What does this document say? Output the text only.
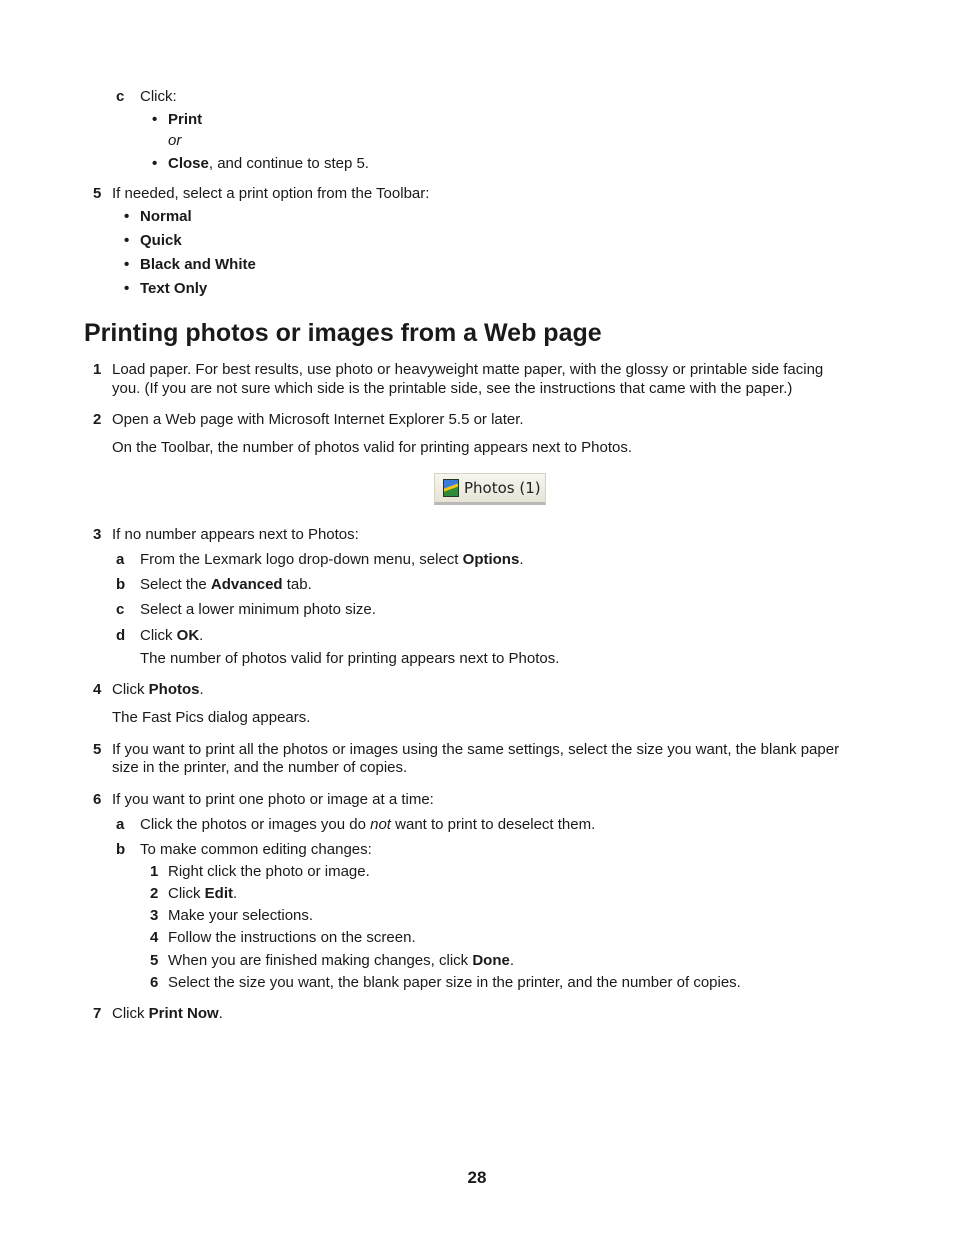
c Click:
• Print
or
• Close, and continue to step 5.
5 If needed, select a print option from the Toolbar:
• Normal
• Quick
• Black and White
• Text Only
Printing photos or images from a Web page
1 Load paper. For best results, use photo or heavyweight matte paper, with the glossy or printable side facing
you. (If you are not sure which side is the printable side, see the instructions that came with the paper.)
2 Open a Web page with Microsoft Internet Explorer 5.5 or later.
On the Toolbar, the number of photos valid for printing appears next to Photos.
Photos (1)
3 If no number appears next to Photos:
a From the Lexmark logo drop-down menu, select Options.
b Select the Advanced tab.
c Select a lower minimum photo size.
d Click OK.
The number of photos valid for printing appears next to Photos.
4 Click Photos.
The Fast Pics dialog appears.
5 If you want to print all the photos or images using the same settings, select the size you want, the blank paper
size in the printer, and the number of copies.
6 If you want to print one photo or image at a time:
a Click the photos or images you do not want to print to deselect them.
b To make common editing changes:
1 Right click the photo or image.
2 Click Edit.
3 Make your selections.
4 Follow the instructions on the screen.
5 When you are finished making changes, click Done.
6 Select the size you want, the blank paper size in the printer, and the number of copies.
7 Click Print Now.
28
